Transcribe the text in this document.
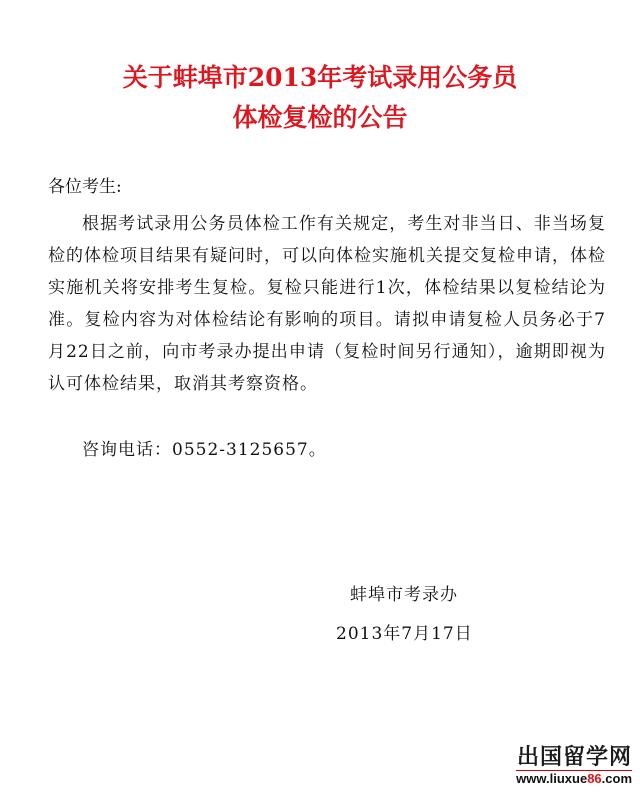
关于蚌埠市2013年考试录用公务员
体检复检的公告
各位考生:
根据考试录用公务员体检工作有关规定，考生对非当日、非当场复检的体检项目结果有疑问时，可以向体检实施机关提交复检申请，体检实施机关将安排考生复检。复检只能进行1次，体检结果以复检结论为准。复检内容为对体检结论有影响的项目。请拟申请复检人员务必于7月22日之前，向市考录办提出申请（复检时间另行通知），逾期即视为认可体检结果，取消其考察资格。
咨询电话：0552-3125657。
蚌埠市考录办
2013年7月17日
出国留学网
www.liuxue86.com
